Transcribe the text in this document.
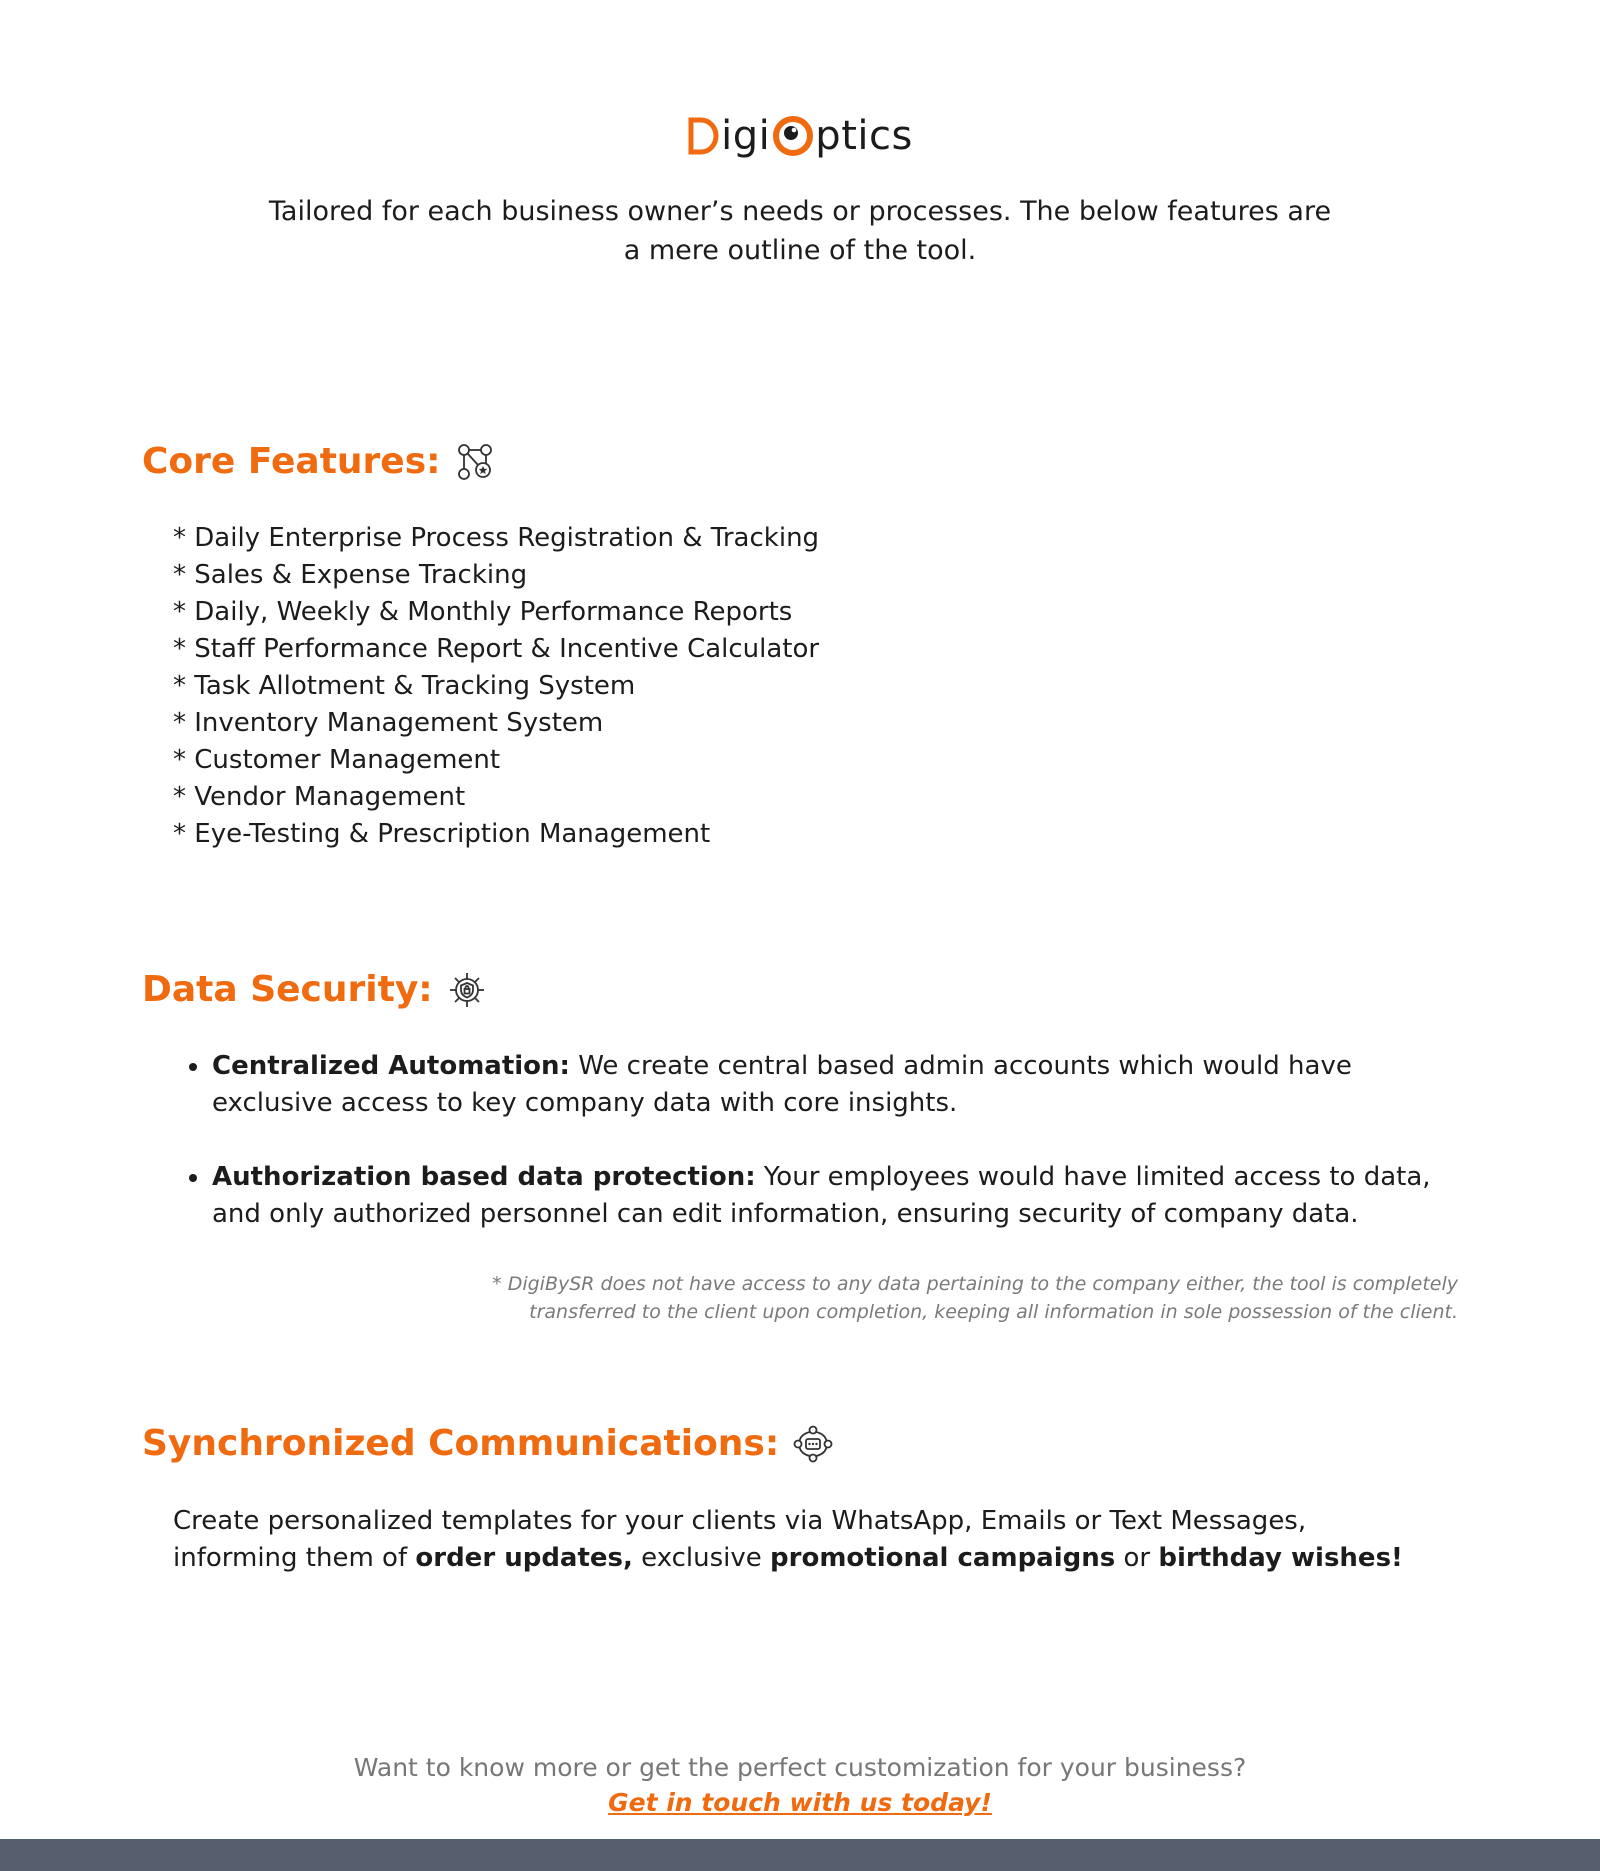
igi ptics
Tailored for each business owner’s needs or processes. The below features are
a mere outline of the tool.
Core Features:
* Daily Enterprise Process Registration & Tracking
* Sales & Expense Tracking
* Daily, Weekly & Monthly Performance Reports
* Staff Performance Report & Incentive Calculator
* Task Allotment & Tracking System
* Inventory Management System
* Customer Management
* Vendor Management
* Eye-Testing & Prescription Management
Data Security:
Centralized Automation: We create central based admin accounts which would have exclusive access to key company data with core insights.
Authorization based data protection: Your employees would have limited access to data, and only authorized personnel can edit information, ensuring security of company data.
* DigiBySR does not have access to any data pertaining to the company either, the tool is completely
transferred to the client upon completion, keeping all information in sole possession of the client.
Synchronized Communications:
Create personalized templates for your clients via WhatsApp, Emails or Text Messages,
informing them of order updates, exclusive promotional campaigns or birthday wishes!
Want to know more or get the perfect customization for your business?
Get in touch with us today!
